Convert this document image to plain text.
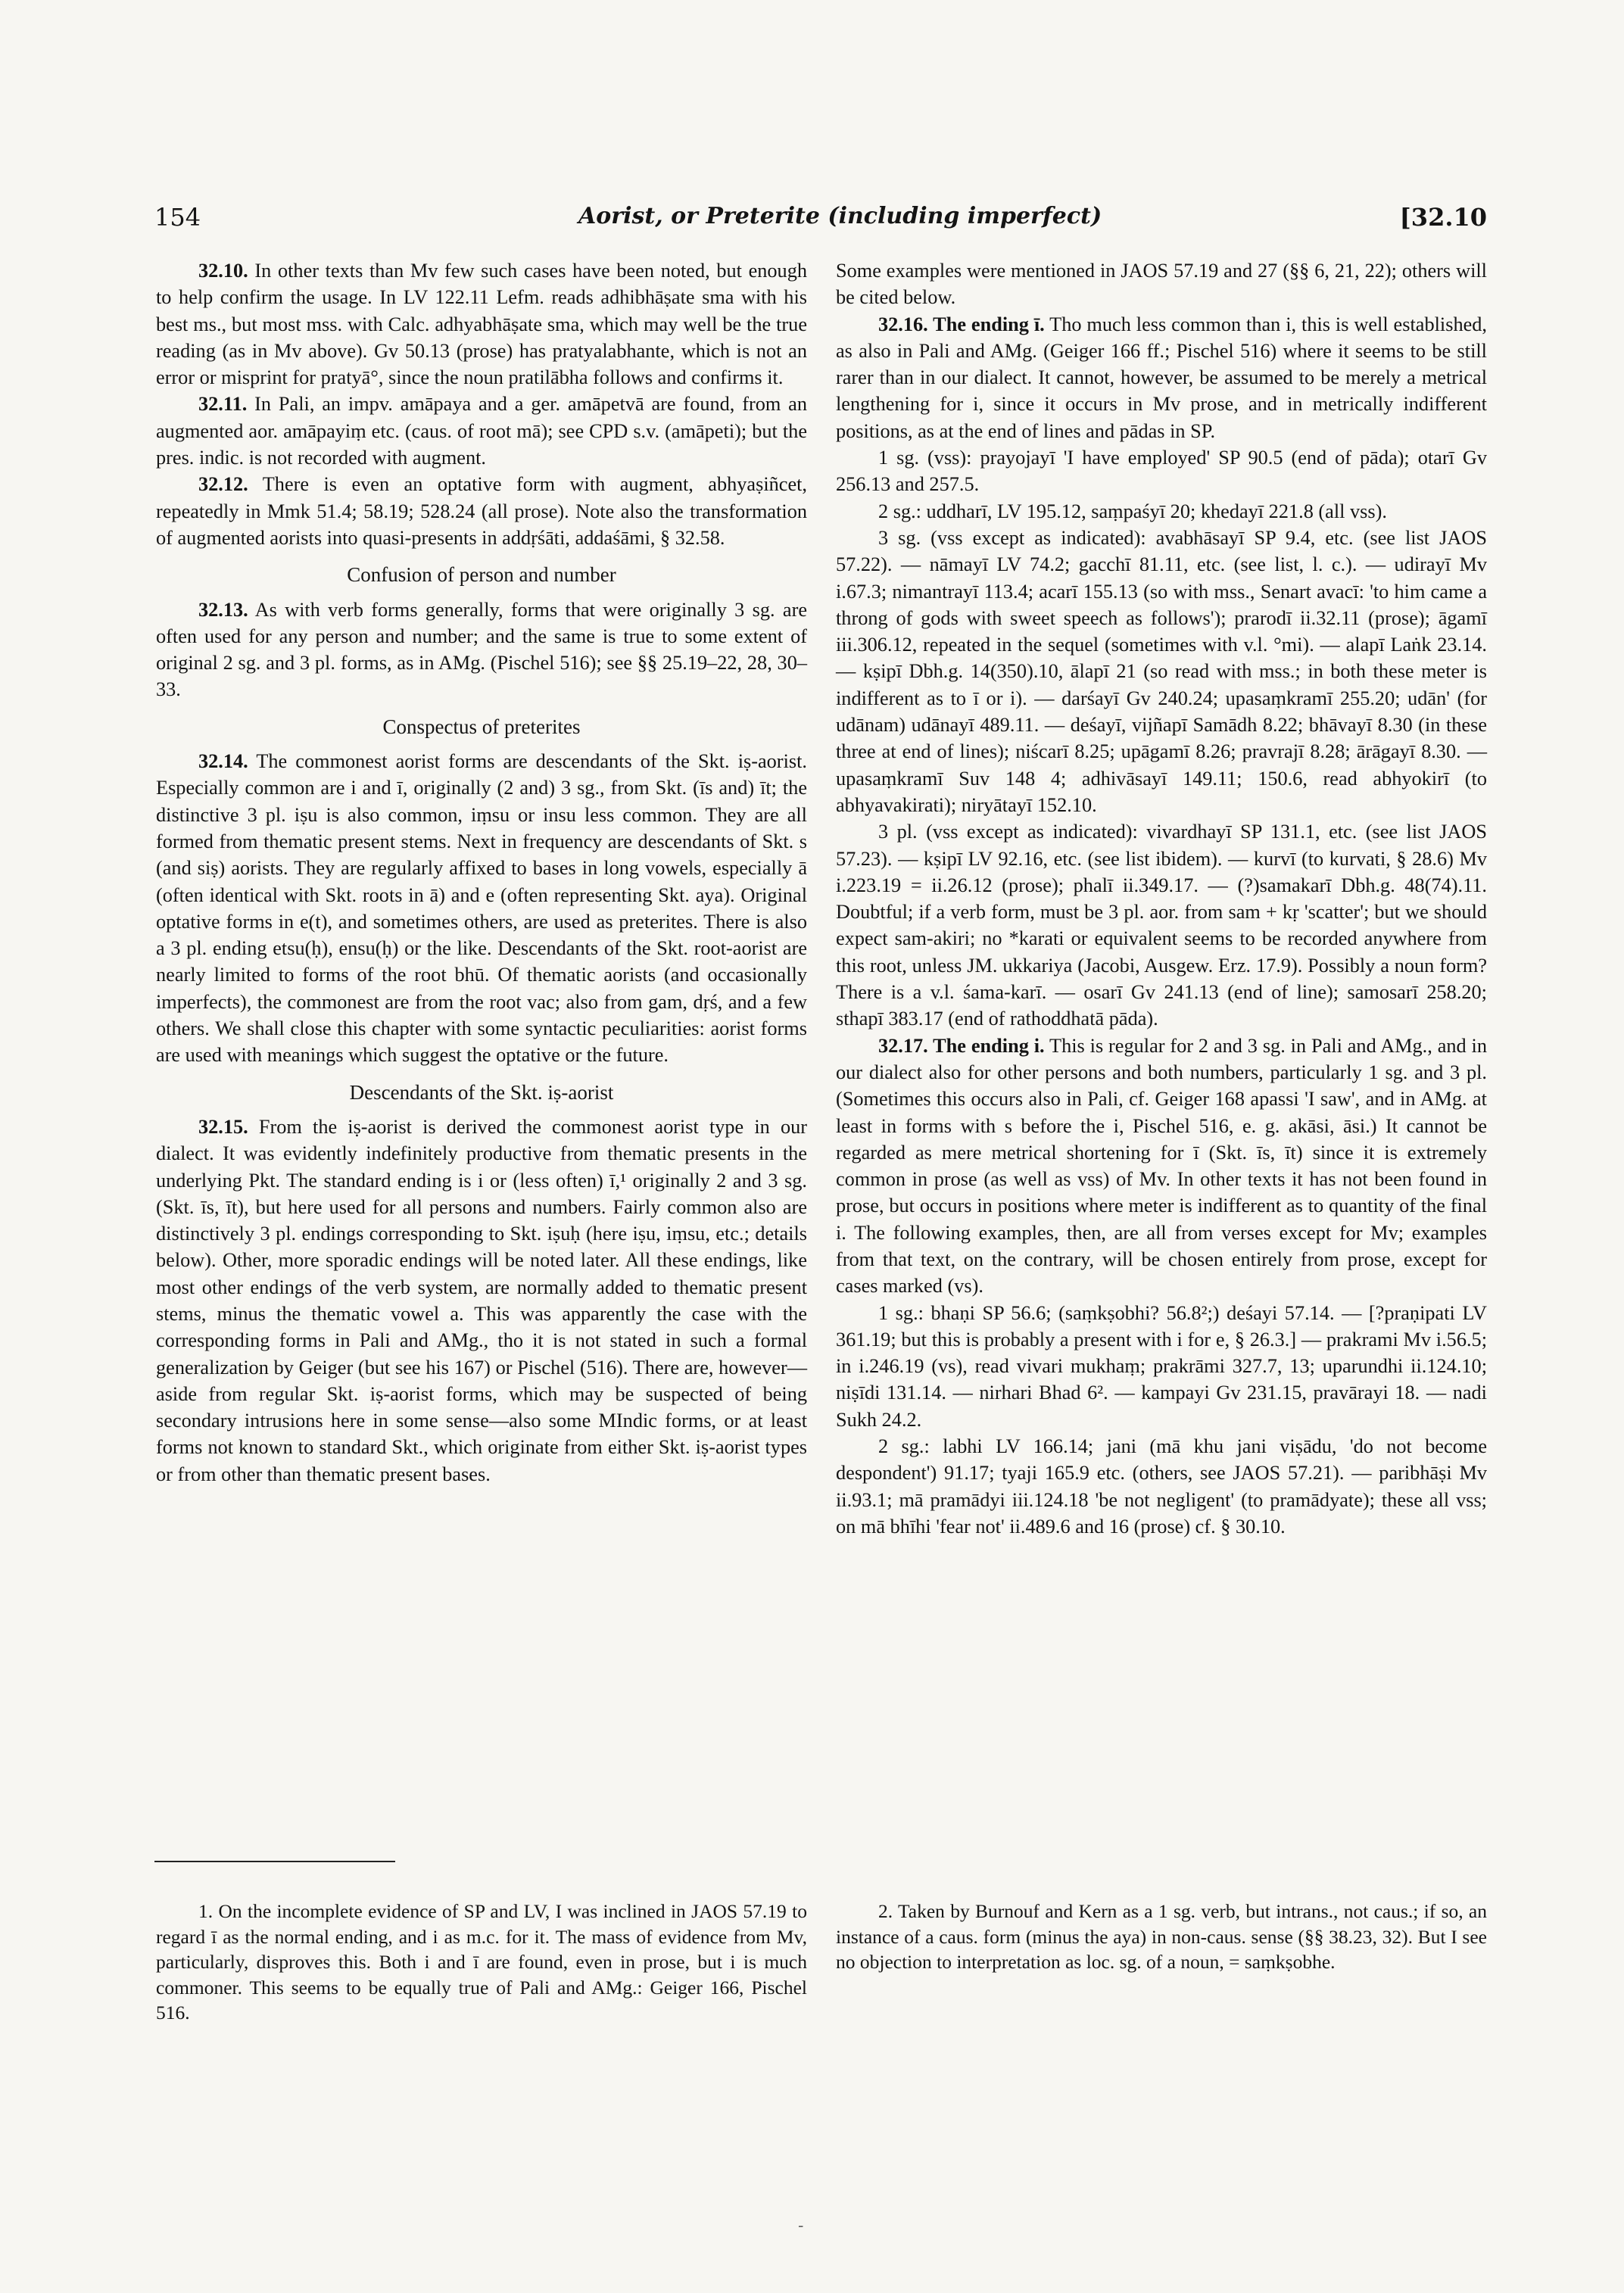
154	Aorist, or Preterite (including imperfect)	[32.10

32.10. In other texts than Mv few such cases have been noted, but enough to help confirm the usage. In LV 122.11 Lefm. reads adhibhāṣate sma with his best ms., but most mss. with Calc. adhyabhāṣate sma, which may well be the true reading (as in Mv above). Gv 50.13 (prose) has pratyalabhante, which is not an error or misprint for pratyā°, since the noun pratilābha follows and confirms it.

32.11. In Pali, an impv. amāpaya and a ger. amāpetvā are found, from an augmented aor. amāpayiṃ etc. (caus. of root mā); see CPD s.v. (amāpeti); but the pres. indic. is not recorded with augment.

32.12. There is even an optative form with augment, abhyaṣiñcet, repeatedly in Mmk 51.4; 58.19; 528.24 (all prose). Note also the transformation of augmented aorists into quasi-presents in addṛśāti, addaśāmi, § 32.58.

Confusion of person and number

32.13. As with verb forms generally, forms that were originally 3 sg. are often used for any person and number; and the same is true to some extent of original 2 sg. and 3 pl. forms, as in AMg. (Pischel 516); see §§ 25.19–22, 28, 30–33.

Conspectus of preterites

32.14. The commonest aorist forms are descendants of the Skt. iṣ-aorist. Especially common are i and ī, originally (2 and) 3 sg., from Skt. (īs and) īt; the distinctive 3 pl. iṣu is also common, iṃsu or insu less common. They are all formed from thematic present stems. Next in frequency are descendants of Skt. s (and siṣ) aorists. They are regularly affixed to bases in long vowels, especially ā (often identical with Skt. roots in ā) and e (often representing Skt. aya). Original optative forms in e(t), and sometimes others, are used as preterites. There is also a 3 pl. ending etsu(ḥ), ensu(ḥ) or the like. Descendants of the Skt. root-aorist are nearly limited to forms of the root bhū. Of thematic aorists (and occasionally imperfects), the commonest are from the root vac; also from gam, dṛś, and a few others. We shall close this chapter with some syntactic peculiarities: aorist forms are used with meanings which suggest the optative or the future.

Descendants of the Skt. iṣ-aorist

32.15. From the iṣ-aorist is derived the commonest aorist type in our dialect. It was evidently indefinitely productive from thematic presents in the underlying Pkt. The standard ending is i or (less often) ī,¹ originally 2 and 3 sg. (Skt. īs, īt), but here used for all persons and numbers. Fairly common also are distinctively 3 pl. endings corresponding to Skt. iṣuḥ (here iṣu, iṃsu, etc.; details below). Other, more sporadic endings will be noted later. All these endings, like most other endings of the verb system, are normally added to thematic present stems, minus the thematic vowel a. This was apparently the case with the corresponding forms in Pali and AMg., tho it is not stated in such a formal generalization by Geiger (but see his 167) or Pischel (516). There are, however—aside from regular Skt. iṣ-aorist forms, which may be suspected of being secondary intrusions here in some sense—also some MIndic forms, or at least forms not known to standard Skt., which originate from either Skt. iṣ-aorist types or from other than thematic present bases.

Some examples were mentioned in JAOS 57.19 and 27 (§§ 6, 21, 22); others will be cited below.

32.16. The ending ī. Tho much less common than i, this is well established, as also in Pali and AMg. (Geiger 166 ff.; Pischel 516) where it seems to be still rarer than in our dialect. It cannot, however, be assumed to be merely a metrical lengthening for i, since it occurs in Mv prose, and in metrically indifferent positions, as at the end of lines and pādas in SP.

1 sg. (vss): prayojayī 'I have employed' SP 90.5 (end of pāda); otarī Gv 256.13 and 257.5.

2 sg.: uddharī, LV 195.12, saṃpaśyī 20; khedayī 221.8 (all vss).

3 sg. (vss except as indicated): avabhāsayī SP 9.4, etc. (see list JAOS 57.22). — nāmayī LV 74.2; gacchī 81.11, etc. (see list, l. c.). — udirayī Mv i.67.3; nimantrayī 113.4; acarī 155.13 (so with mss., Senart avacī: 'to him came a throng of gods with sweet speech as follows'); prarodī ii.32.11 (prose); āgamī iii.306.12, repeated in the sequel (sometimes with v.l. °mi). — alapī Laṅk 23.14. — kṣipī Dbh.g. 14(350).10, ālapī 21 (so read with mss.; in both these meter is indifferent as to ī or i). — darśayī Gv 240.24; upasaṃkramī 255.20; udān' (for udānam) udānayī 489.11. — deśayī, vijñapī Samādh 8.22; bhāvayī 8.30 (in these three at end of lines); niścarī 8.25; upāgamī 8.26; pravrajī 8.28; ārāgayī 8.30. — upasaṃkramī Suv 148 4; adhivāsayī 149.11; 150.6, read abhyokirī (to abhyavakirati); niryātayī 152.10.

3 pl. (vss except as indicated): vivardhayī SP 131.1, etc. (see list JAOS 57.23). — kṣipī LV 92.16, etc. (see list ibidem). — kurvī (to kurvati, § 28.6) Mv i.223.19 = ii.26.12 (prose); phalī ii.349.17. — (?)samakarī Dbh.g. 48(74).11. Doubtful; if a verb form, must be 3 pl. aor. from sam + kṛ 'scatter'; but we should expect sam-akiri; no *karati or equivalent seems to be recorded anywhere from this root, unless JM. ukkariya (Jacobi, Ausgew. Erz. 17.9). Possibly a noun form? There is a v.l. śama-karī. — osarī Gv 241.13 (end of line); samosarī 258.20; sthapī 383.17 (end of rathoddhatā pāda).

32.17. The ending i. This is regular for 2 and 3 sg. in Pali and AMg., and in our dialect also for other persons and both numbers, particularly 1 sg. and 3 pl. (Sometimes this occurs also in Pali, cf. Geiger 168 apassi 'I saw', and in AMg. at least in forms with s before the i, Pischel 516, e. g. akāsi, āsi.) It cannot be regarded as mere metrical shortening for ī (Skt. īs, īt) since it is extremely common in prose (as well as vss) of Mv. In other texts it has not been found in prose, but occurs in positions where meter is indifferent as to quantity of the final i. The following examples, then, are all from verses except for Mv; examples from that text, on the contrary, will be chosen entirely from prose, except for cases marked (vs).

1 sg.: bhaṇi SP 56.6; (saṃkṣobhi? 56.8²;) deśayi 57.14. — [?praṇipati LV 361.19; but this is probably a present with i for e, § 26.3.] — prakrami Mv i.56.5; in i.246.19 (vs), read vivari mukhaṃ; prakrāmi 327.7, 13; uparundhi ii.124.10; niṣīdi 131.14. — nirhari Bhad 6². — kampayi Gv 231.15, pravārayi 18. — nadi Sukh 24.2.

2 sg.: labhi LV 166.14; jani (mā khu jani viṣādu, 'do not become despondent') 91.17; tyaji 165.9 etc. (others, see JAOS 57.21). — paribhāṣi Mv ii.93.1; mā pramādyi iii.124.18 'be not negligent' (to pramādyate); these all vss; on mā bhīhi 'fear not' ii.489.6 and 16 (prose) cf. § 30.10.

1. On the incomplete evidence of SP and LV, I was inclined in JAOS 57.19 to regard ī as the normal ending, and i as m.c. for it. The mass of evidence from Mv, particularly, disproves this. Both i and ī are found, even in prose, but i is much commoner. This seems to be equally true of Pali and AMg.: Geiger 166, Pischel 516.

2. Taken by Burnouf and Kern as a 1 sg. verb, but intrans., not caus.; if so, an instance of a caus. form (minus the aya) in non-caus. sense (§§ 38.23, 32). But I see no objection to interpretation as loc. sg. of a noun, = saṃkṣobhe.

-
